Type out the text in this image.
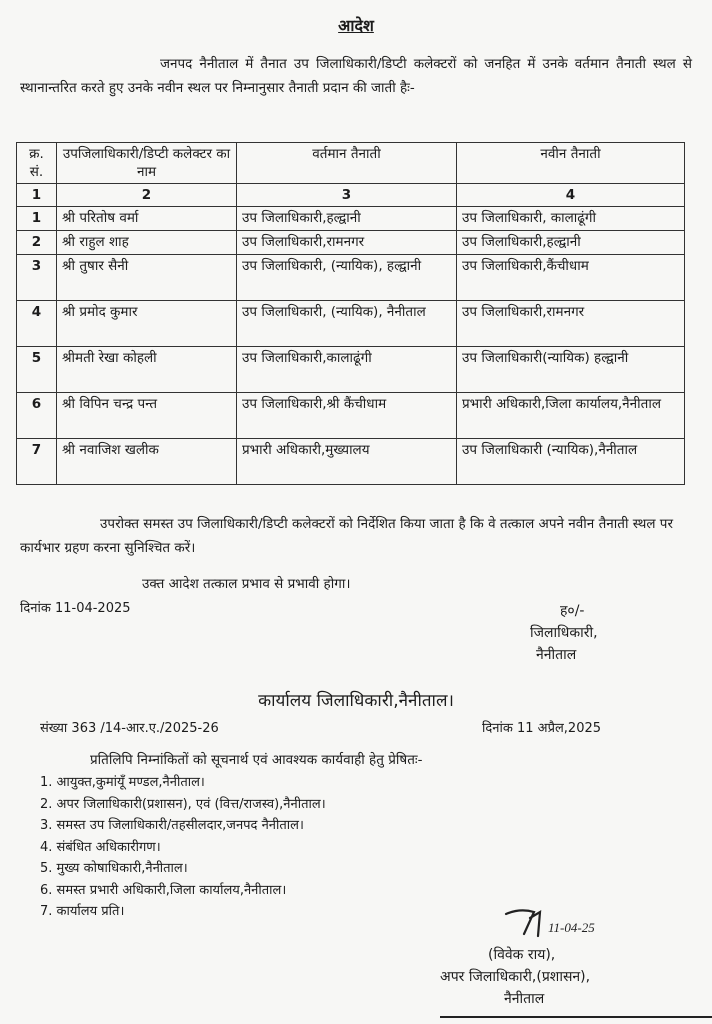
आदेश
जनपद नैनीताल में तैनात उप जिलाधिकारी/डिप्टी कलेक्टरों को जनहित में उनके वर्तमान तैनाती स्थल से स्थानान्तरित करते हुए उनके नवीन स्थल पर निम्नानुसार तैनाती प्रदान की जाती हैः-
क्र. सं.	उपजिलाधिकारी/डिप्टी कलेक्टर का नाम	वर्तमान तैनाती	नवीन तैनाती
1	2	3	4
1	श्री परितोष वर्मा	उप जिलाधिकारी,हल्द्वानी	उप जिलाधिकारी, कालाढूंगी
2	श्री राहुल शाह	उप जिलाधिकारी,रामनगर	उप जिलाधिकारी,हल्द्वानी
3	श्री तुषार सैनी	उप जिलाधिकारी, (न्यायिक), हल्द्वानी	उप जिलाधिकारी,कैंचीधाम
4	श्री प्रमोद कुमार	उप जिलाधिकारी, (न्यायिक), नैनीताल	उप जिलाधिकारी,रामनगर
5	श्रीमती रेखा कोहली	उप जिलाधिकारी,कालाढूंगी	उप जिलाधिकारी(न्यायिक) हल्द्वानी
6	श्री विपिन चन्द्र पन्त	उप जिलाधिकारी,श्री कैंचीधाम	प्रभारी अधिकारी,जिला कार्यालय,नैनीताल
7	श्री नवाजिश खलीक	प्रभारी अधिकारी,मुख्यालय	उप जिलाधिकारी (न्यायिक),नैनीताल
उपरोक्त समस्त उप जिलाधिकारी/डिप्टी कलेक्टरों को निर्देशित किया जाता है कि वे तत्काल अपने नवीन तैनाती स्थल पर कार्यभार ग्रहण करना सुनिश्चित करें।
उक्त आदेश तत्काल प्रभाव से प्रभावी होगा।
दिनांक 11-04-2025	ह०/-
जिलाधिकारी,
नैनीताल
कार्यालय जिलाधिकारी,नैनीताल।
संख्या 363 /14-आर.ए./2025-26	दिनांक 11 अप्रैल,2025
प्रतिलिपि निम्नांकितों को सूचनार्थ एवं आवश्यक कार्यवाही हेतु प्रेषितः-
1. आयुक्त,कुमांयूँ मण्डल,नैनीताल।
2. अपर जिलाधिकारी(प्रशासन), एवं (वित्त/राजस्व),नैनीताल।
3. समस्त उप जिलाधिकारी/तहसीलदार,जनपद नैनीताल।
4. संबंधित अधिकारीगण।
5. मुख्य कोषाधिकारी,नैनीताल।
6. समस्त प्रभारी अधिकारी,जिला कार्यालय,नैनीताल।
7. कार्यालय प्रति।
11-04-25
(विवेक राय),
अपर जिलाधिकारी,(प्रशासन),
नैनीताल
